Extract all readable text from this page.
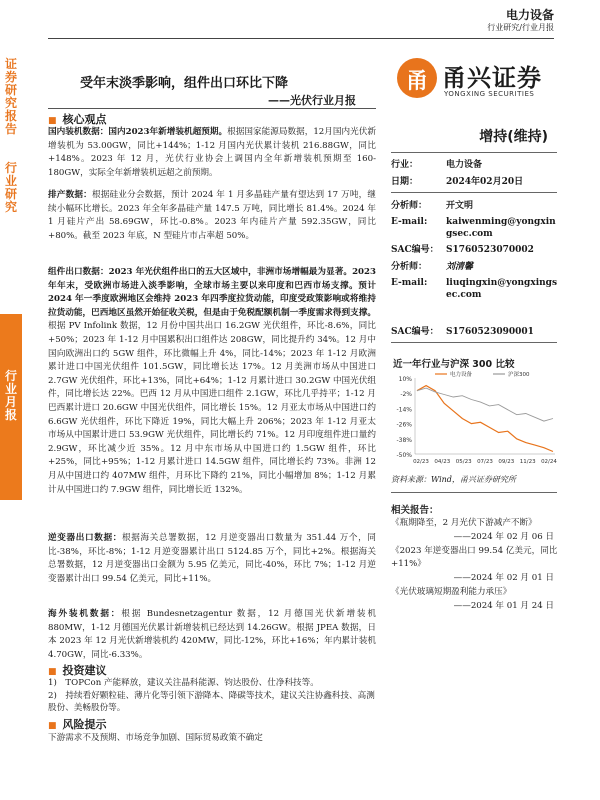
电力设备
行业研究/行业月报
证券研究报告
行业研究
行业月报
受年末淡季影响，组件出口环比下降
——光伏行业月报
■ 核心观点
国内装机数据：国内2023年新增装机超预期。根据国家能源局数据，12月国内光伏新增装机为 53.00GW，同比+144%；1-12 月国内光伏累计装机 216.88GW，同比+148%。2023 年 12 月，光伏行业协会上调国内全年新增装机预期至 160-180GW，实际全年新增装机远超之前预期。
排产数据：根据硅业分会数据，预计 2024 年 1 月多晶硅产量有望达到 17 万吨，继续小幅环比增长。2023 年全年多晶硅产量 147.5 万吨，同比增长 81.4%。2024 年 1 月硅片产出 58.69GW，环比-0.8%。2023 年内硅片产量 592.35GW，同比+80%。截至 2023 年底，N 型硅片市占率超 50%。
组件出口数据：2023 年光伏组件出口的五大区域中，非洲市场增幅最为显著。2023 年年末，受欧洲市场进入淡季影响，全球市场主要以来印度和巴西市场支撑。预计 2024 年一季度欧洲地区会维持 2023 年四季度拉货动能，印度受政策影响或将维持拉货动能，巴西地区虽然开始征收关税，但是由于免税配额机制一季度需求得到支撑。根据 PV Infolink 数据，12 月份中国共出口 16.2GW 光伏组件，环比-8.6%，同比+50%；2023 年 1-12 月中国累积出口组件达 208GW，同比提升约 34%。12 月中国向欧洲出口约 5GW 组件，环比微幅上升 4%，同比-14%；2023 年 1-12 月欧洲累计进口中国光伏组件 101.5GW，同比增长达 17%。12 月美洲市场从中国进口 2.7GW 光伏组件，环比+13%，同比+64%；1-12 月累计进口 30.2GW 中国光伏组件，同比增长达 22%。巴西 12 月从中国进口组件 2.1GW，环比几乎持平；1-12 月巴西累计进口 20.6GW 中国光伏组件，同比增长 15%。12 月亚太市场从中国进口约 6.6GW 光伏组件，环比下降近 19%，同比大幅上升 206%；2023 年 1-12 月亚太市场从中国累计进口 53.9GW 光伏组件，同比增长约 71%。12 月印度组件进口量约 2.9GW，环比减少近 35%。12 月中东市场从中国进口约 1.5GW 组件，环比+25%，同比+95%；1-12 月累计进口 14.5GW 组件，同比增长约 73%。非洲 12 月从中国进口约 407MW 组件，月环比下降约 21%，同比小幅增加 8%；1-12 月累计从中国进口约 7.9GW 组件，同比增长近 132%。
逆变器出口数据：根据海关总署数据，12 月逆变器出口数量为 351.44 万个，同比-38%，环比-8%；1-12 月逆变器累计出口 5124.85 万个，同比+2%。根据海关总署数据，12 月逆变器出口金额为 5.95 亿美元，同比-40%，环比 7%；1-12 月逆变器累计出口 99.54 亿美元，同比+11%。
海外装机数据：根据 Bundesnetzagentur 数据，12 月德国光伏新增装机 880MW，1-12 月德国光伏累计新增装机已经达到 14.26GW。根据 JPEA 数据，日本 2023 年 12 月光伏新增装机约 420MW，同比-12%，环比+16%；年内累计装机 4.70GW，同比-6.33%。
■ 投资建议
1)　TOPCon 产能释放，建议关注晶科能源、钧达股份、仕净科技等。
2)　持续看好颗粒硅、薄片化等引领下游降本、降碳等技术，建议关注协鑫科技、高测股份、美畅股份等。
■ 风险提示
下游需求不及预期、市场竞争加剧、国际贸易政策不确定
甬 甬兴证券
YONGXING SECURITIES
增持(维持)
行业：	电力设备
日期：	2024年02月20日
分析师： 开文明
E-mail: kaiwenming@yongxingsec.com
SAC编号： S1760523070002
分析师： 刘清馨
E-mail: liuqingxin@yongxingsec.com
SAC编号： S1760523090001
近一年行业与沪深 300 比较
10%
-2%
-14%
-26%
-38%
-50%
02/23 04/23 05/23 07/23 09/23 11/23 02/24
电力设备	沪深300
资料来源：Wind，甬兴证券研究所
相关报告：
《瓶期降至，2 月光伏下游减产不断》
——2024 年 02 月 06 日
《2023 年逆变器出口 99.54 亿美元，同比+11%》
——2024 年 02 月 01 日
《光伏玻璃短期盈利能力承压》
——2024 年 01 月 24 日
